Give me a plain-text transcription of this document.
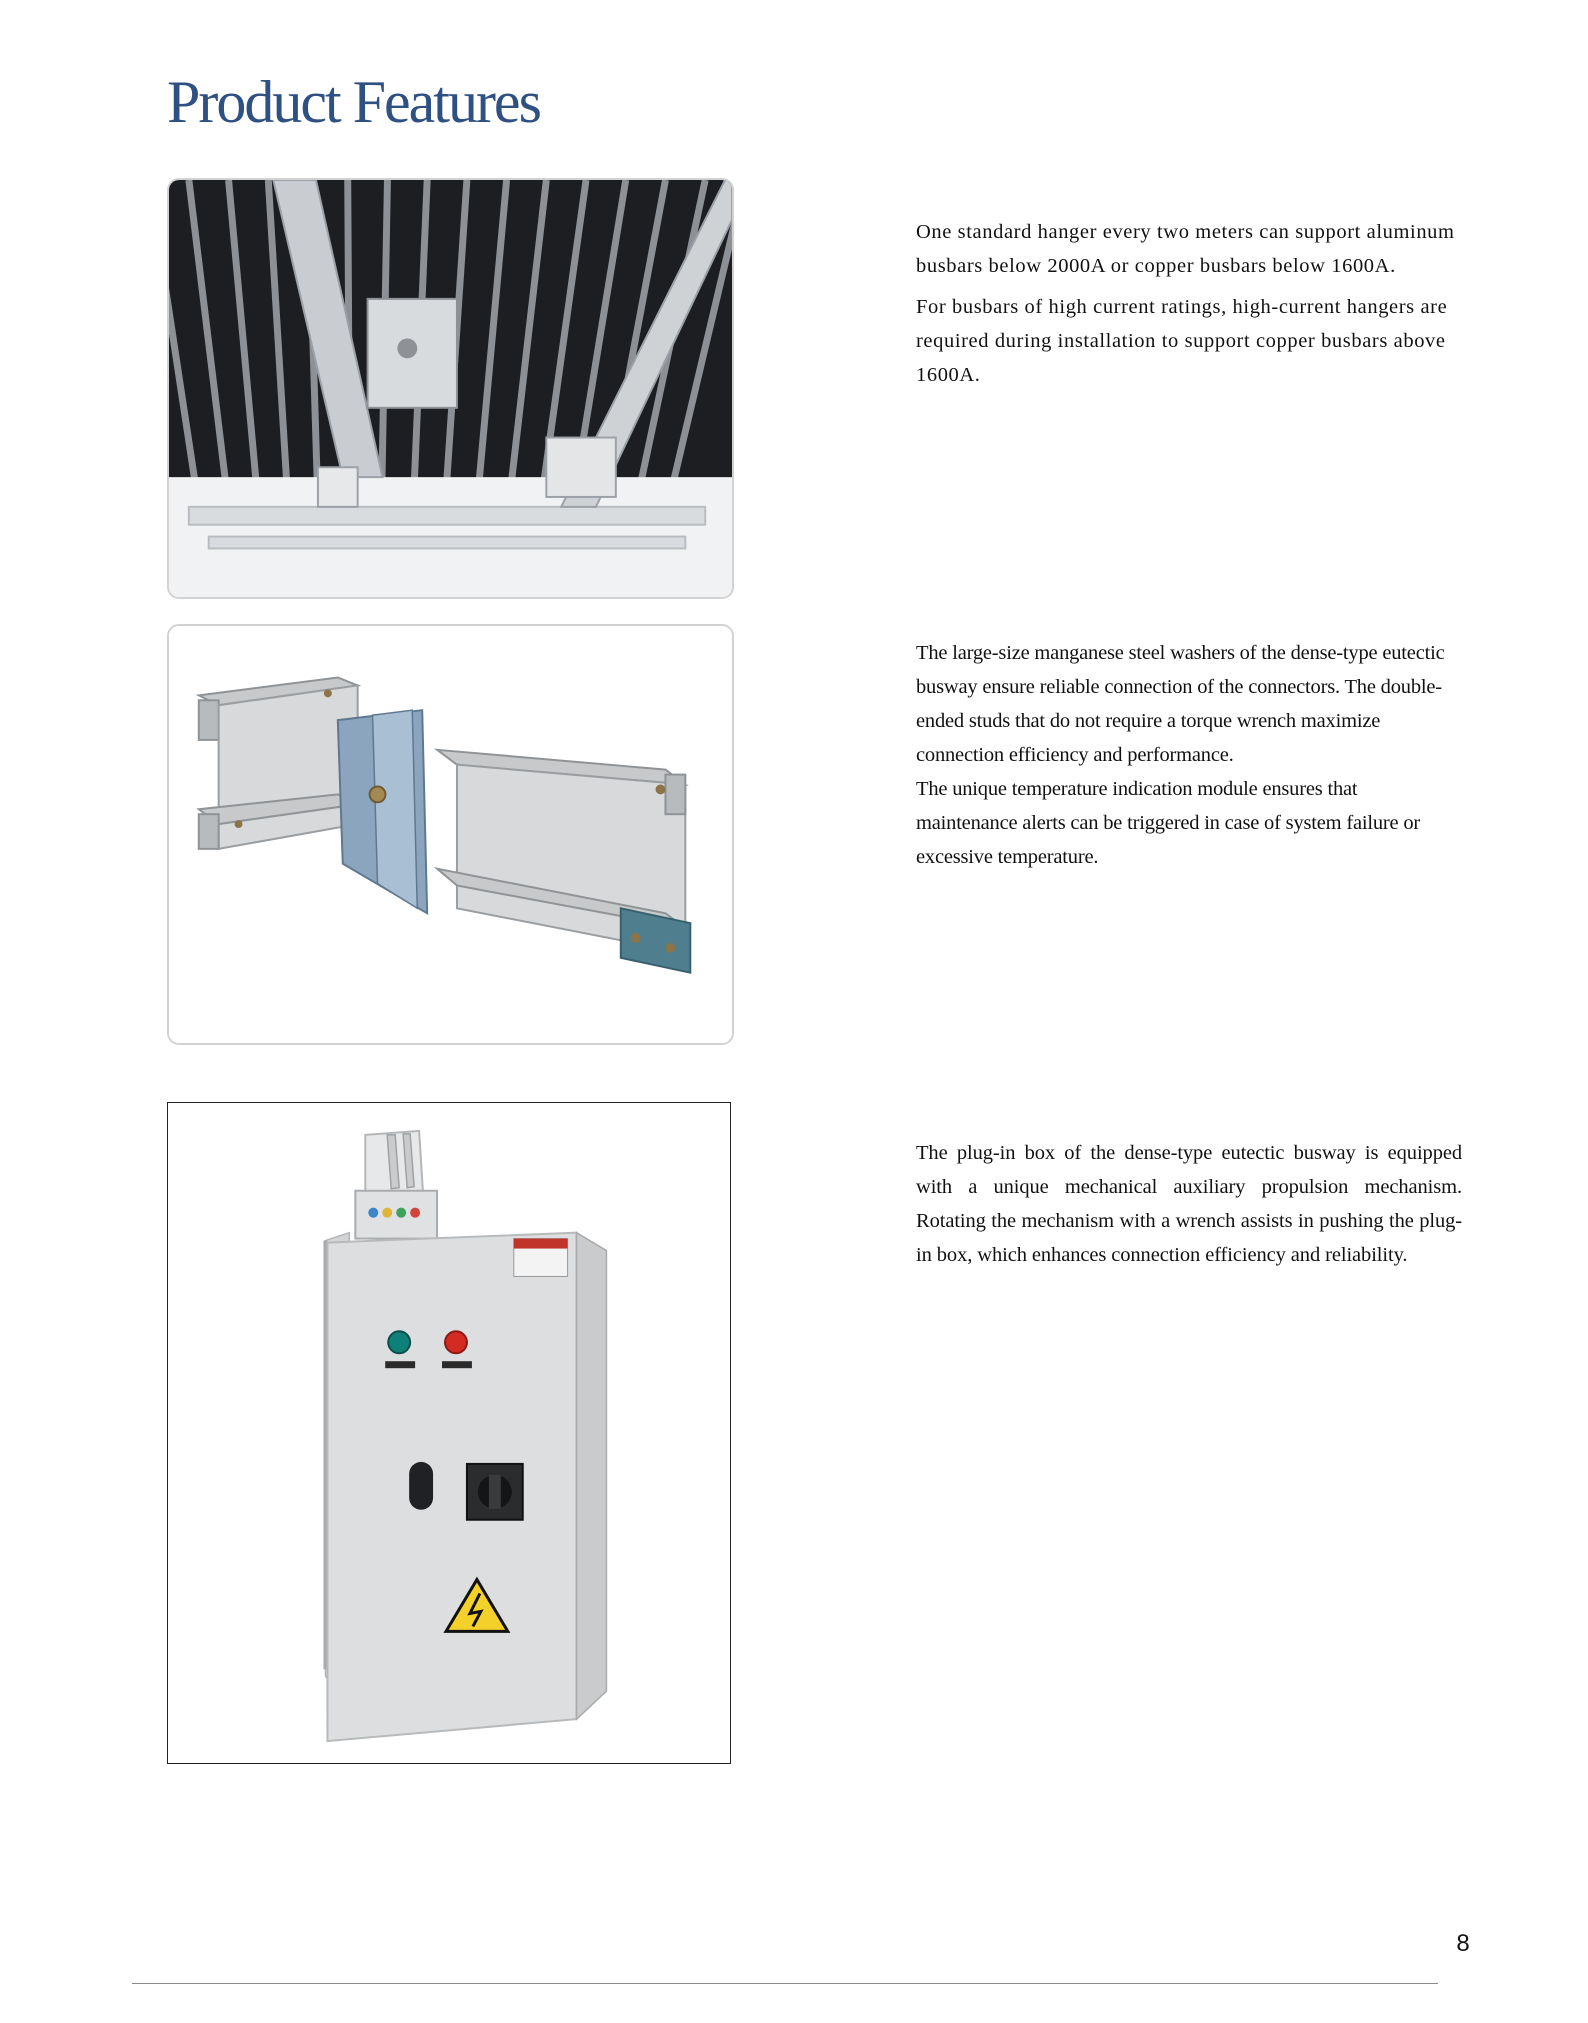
Product Features

One standard hanger every two meters can support aluminum busbars below 2000A or copper busbars below 1600A.

For busbars of high current ratings, high-current hangers are required during installation to support copper busbars above 1600A.

The large-size manganese steel washers of the dense-type eutectic busway ensure reliable connection of the connectors. The double-ended studs that do not require a torque wrench maximize connection efficiency and performance.

The unique temperature indication module ensures that maintenance alerts can be triggered in case of system failure or excessive temperature.

The plug-in box of the dense-type eutectic busway is equipped with a unique mechanical auxiliary propulsion mechanism. Rotating the mechanism with a wrench assists in pushing the plug-in box, which enhances connection efficiency and reliability.

8
